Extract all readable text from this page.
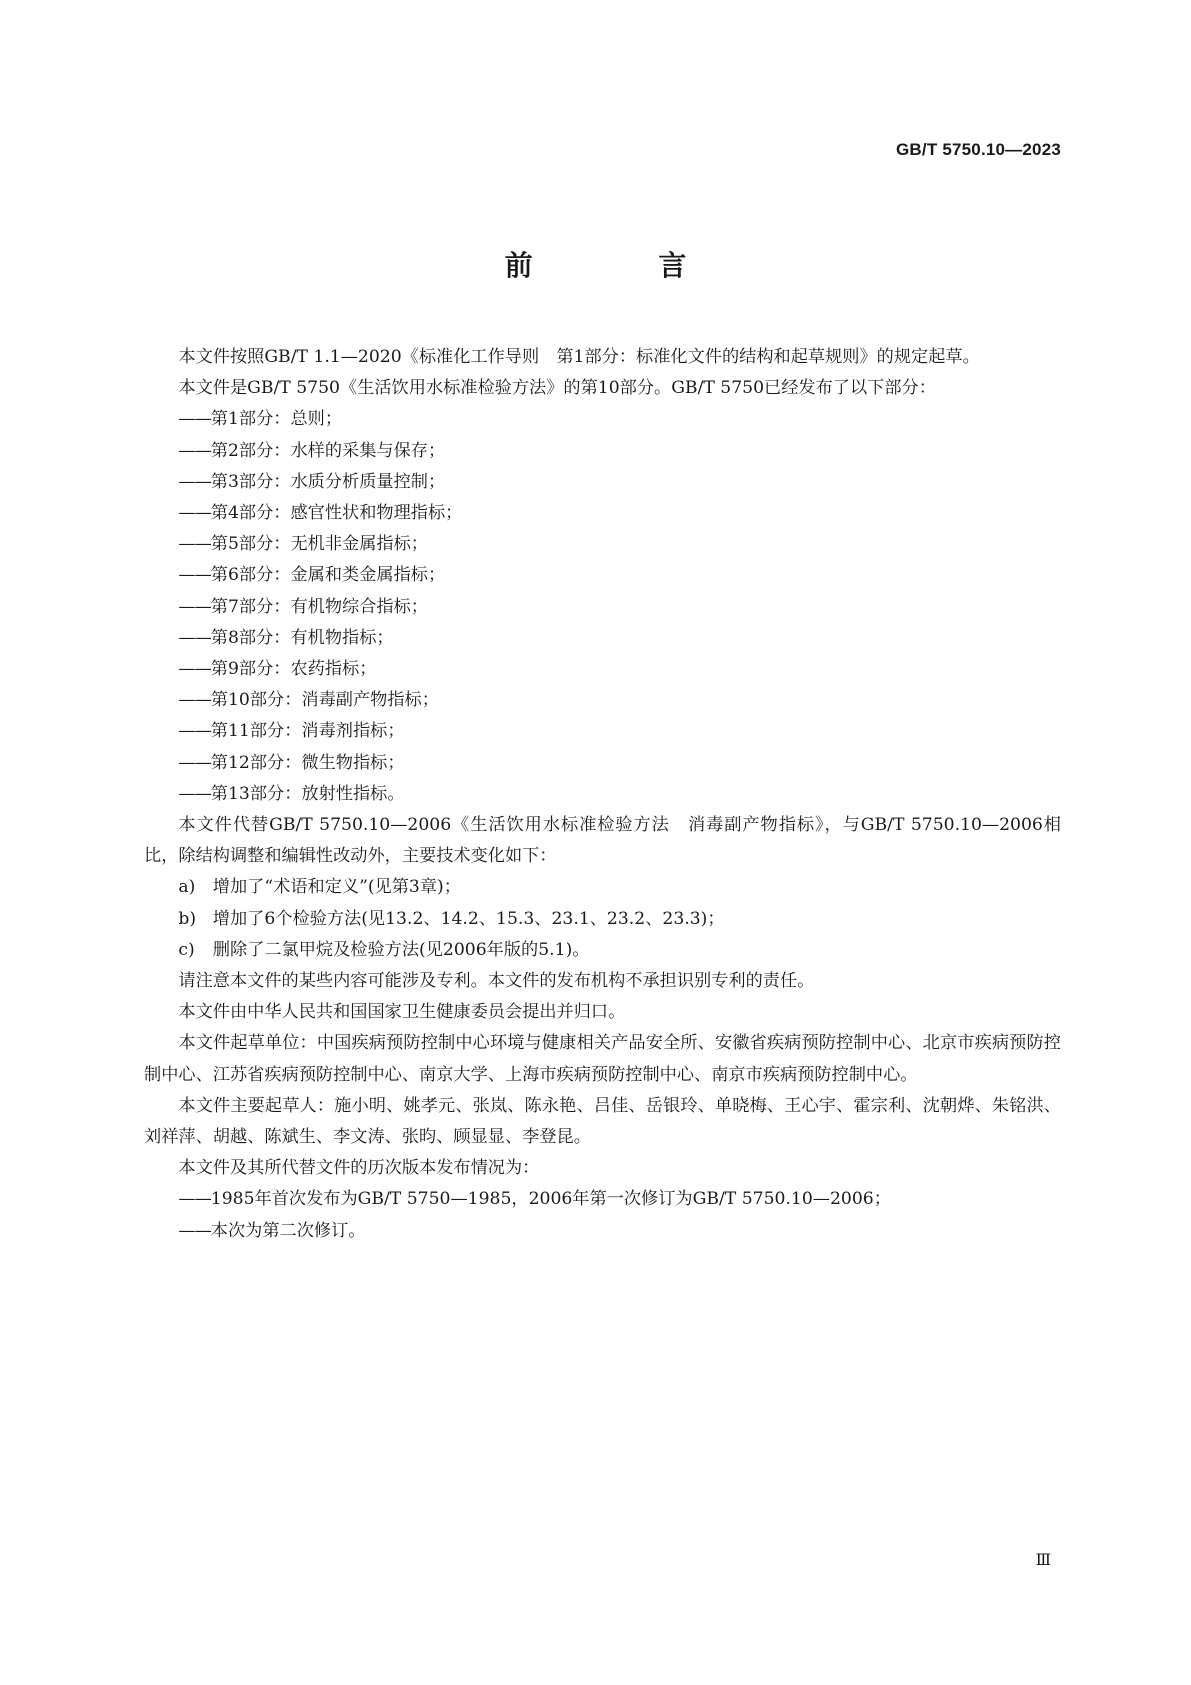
GB/T 5750.10—2023
前 言

本文件按照GB/T 1.1—2020《标准化工作导则　第1部分：标准化文件的结构和起草规则》的规定起草。

本文件是GB/T 5750《生活饮用水标准检验方法》的第10部分。GB/T 5750已经发布了以下部分：

—— 第1部分：总则；

—— 第2部分：水样的采集与保存；

—— 第3部分：水质分析质量控制；

—— 第4部分：感官性状和物理指标；

—— 第5部分：无机非金属指标；

—— 第6部分：金属和类金属指标；

—— 第7部分：有机物综合指标；

—— 第8部分：有机物指标；

—— 第9部分：农药指标；

—— 第10部分：消毒副产物指标；

—— 第11部分：消毒剂指标；

—— 第12部分：微生物指标；

—— 第13部分：放射性指标。

本文件代替GB/T 5750.10—2006《生活饮用水标准检验方法　消毒副产物指标》，与GB/T 5750.10—2006相比，除结构调整和编辑性改动外，主要技术变化如下：

a) 增加了“术语和定义”(见第3章)；

b) 增加了6个检验方法(见13.2、14.2、15.3、23.1、23.2、23.3)；

c) 删除了二氯甲烷及检验方法(见2006年版的5.1)。

请注意本文件的某些内容可能涉及专利。本文件的发布机构不承担识别专利的责任。

本文件由中华人民共和国国家卫生健康委员会提出并归口。

本文件起草单位：中国疾病预防控制中心环境与健康相关产品安全所、安徽省疾病预防控制中心、北京市疾病预防控制中心、江苏省疾病预防控制中心、南京大学、上海市疾病预防控制中心、南京市疾病预防控制中心。

本文件主要起草人：施小明、姚孝元、张岚、陈永艳、吕佳、岳银玲、单晓梅、王心宇、霍宗利、沈朝烨、朱铭洪、刘祥萍、胡越、陈斌生、李文涛、张昀、顾显显、李登昆。

本文件及其所代替文件的历次版本发布情况为：

—— 1985年首次发布为GB/T 5750—1985，2006年第一次修订为GB/T 5750.10—2006；

—— 本次为第二次修订。

Ⅲ
